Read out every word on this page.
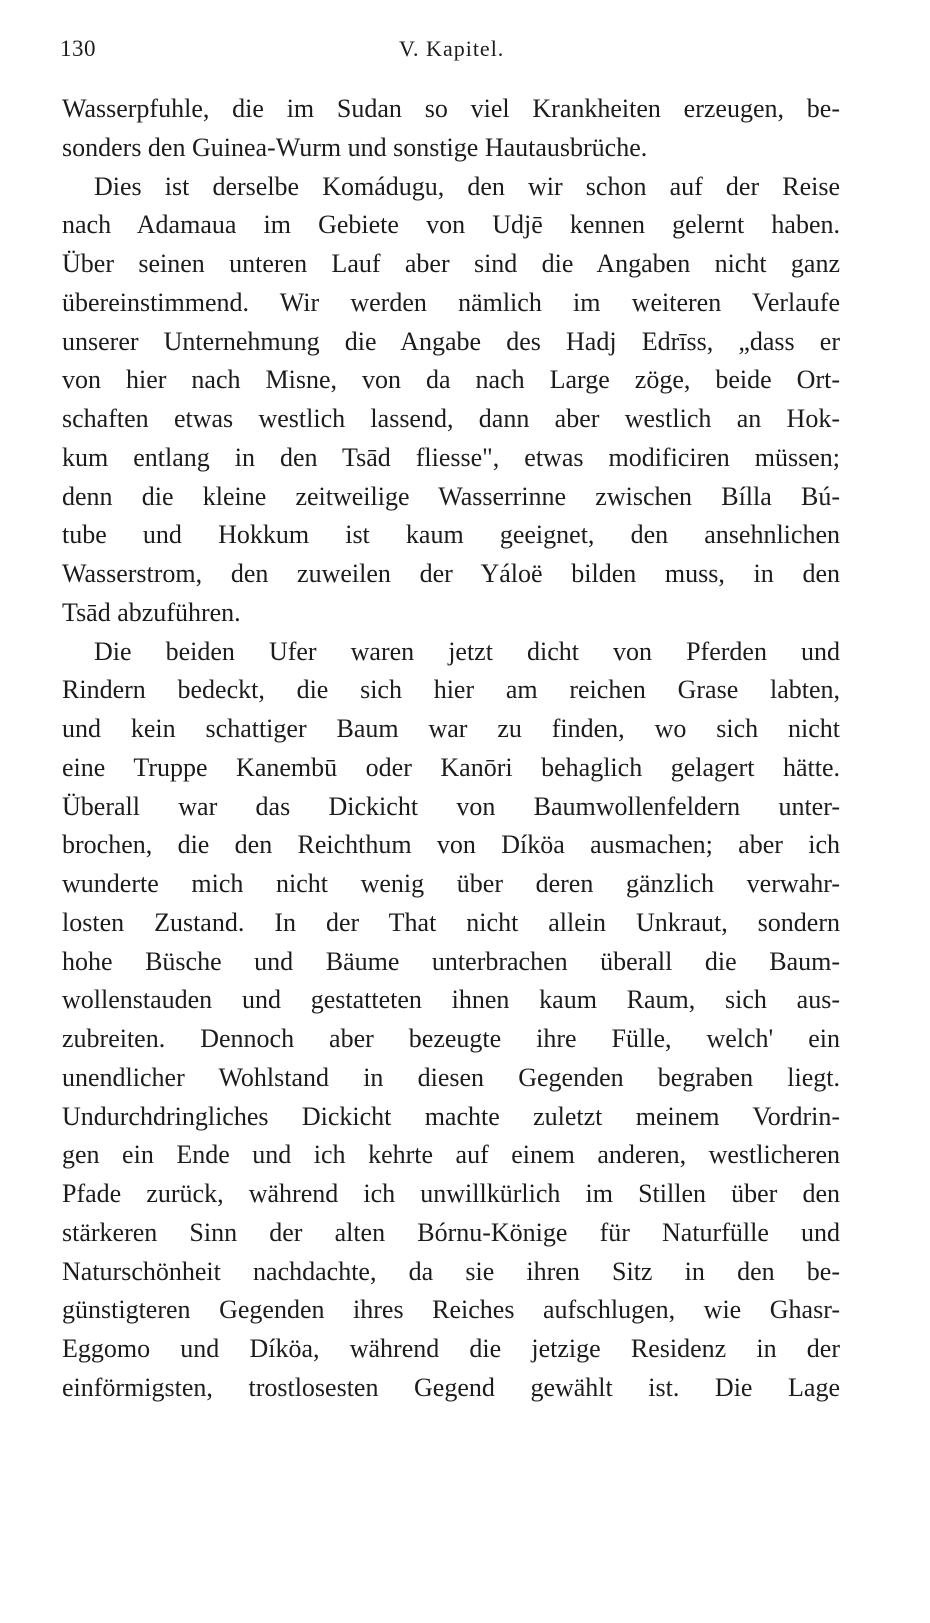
130	V. Kapitel.
Wasserpfuhle, die im Sudan so viel Krankheiten erzeugen, be-
sonders den Guinea-Wurm und sonstige Hautausbrüche.
Dies ist derselbe Komádugu, den wir schon auf der Reise
nach Adamaua im Gebiete von Udjē kennen gelernt haben.
Über seinen unteren Lauf aber sind die Angaben nicht ganz
übereinstimmend. Wir werden nämlich im weiteren Verlaufe
unserer Unternehmung die Angabe des Hadj Edrīss, „dass er
von hier nach Misne, von da nach Large zöge, beide Ort-
schaften etwas westlich lassend, dann aber westlich an Hok-
kum entlang in den Tsād fliesse", etwas modificiren müssen;
denn die kleine zeitweilige Wasserrinne zwischen Bílla Bú-
tube und Hokkum ist kaum geeignet, den ansehnlichen
Wasserstrom, den zuweilen der Yáloë bilden muss, in den
Tsād abzuführen.
Die beiden Ufer waren jetzt dicht von Pferden und
Rindern bedeckt, die sich hier am reichen Grase labten,
und kein schattiger Baum war zu finden, wo sich nicht
eine Truppe Kanembū oder Kanōri behaglich gelagert hätte.
Überall war das Dickicht von Baumwollenfeldern unter-
brochen, die den Reichthum von Díköa ausmachen; aber ich
wunderte mich nicht wenig über deren gänzlich verwahr-
losten Zustand. In der That nicht allein Unkraut, sondern
hohe Büsche und Bäume unterbrachen überall die Baum-
wollenstauden und gestatteten ihnen kaum Raum, sich aus-
zubreiten. Dennoch aber bezeugte ihre Fülle, welch' ein
unendlicher Wohlstand in diesen Gegenden begraben liegt.
Undurchdringliches Dickicht machte zuletzt meinem Vordrin-
gen ein Ende und ich kehrte auf einem anderen, westlicheren
Pfade zurück, während ich unwillkürlich im Stillen über den
stärkeren Sinn der alten Bórnu-Könige für Naturfülle und
Naturschönheit nachdachte, da sie ihren Sitz in den be-
günstigteren Gegenden ihres Reiches aufschlugen, wie Ghasr-
Eggomo und Díköa, während die jetzige Residenz in der
einförmigsten, trostlosesten Gegend gewählt ist. Die Lage
